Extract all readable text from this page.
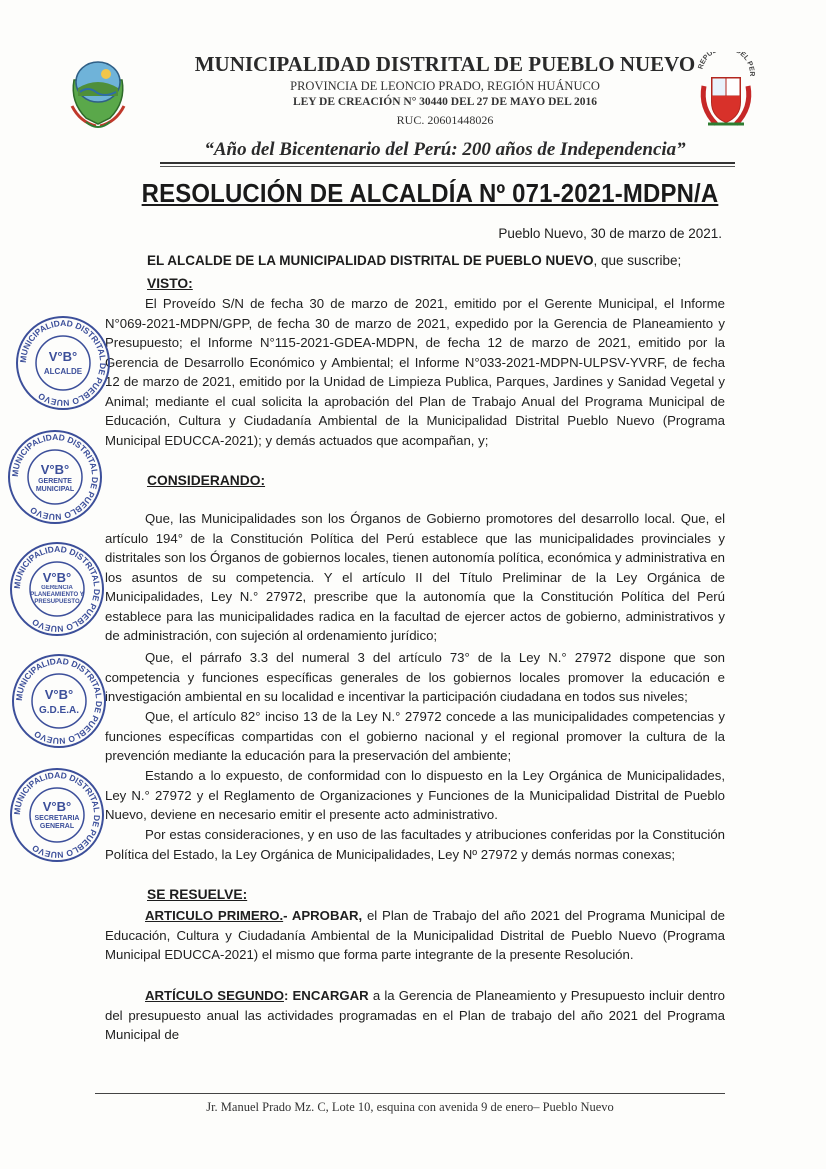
REPU EL PER
MUNICIPALIDAD DISTRITAL DE PUEBLO NUEVO
PROVINCIA DE LEONCIO PRADO, REGIÓN HUÁNUCO
LEY DE CREACIÓN N° 30440 DEL 27 DE MAYO DEL 2016
RUC. 20601448026
“Año del Bicentenario del Perú: 200 años de Independencia”
RESOLUCIÓN DE ALCALDÍA Nº 071-2021-MDPN/A
Pueblo Nuevo, 30 de marzo de 2021.
EL ALCALDE DE LA MUNICIPALIDAD DISTRITAL DE PUEBLO NUEVO, que suscribe;
VISTO:
El Proveído S/N de fecha 30 de marzo de 2021, emitido por el Gerente Municipal, el Informe N°069-2021-MDPN/GPP, de fecha 30 de marzo de 2021, expedido por la Gerencia de Planeamiento y Presupuesto; el Informe N°115-2021-GDEA-MDPN, de fecha 12 de marzo de 2021, emitido por la Gerencia de Desarrollo Económico y Ambiental; el Informe N°033-2021-MDPN-ULPSV-YVRF, de fecha 12 de marzo de 2021, emitido por la Unidad de Limpieza Publica, Parques, Jardines y Sanidad Vegetal y Animal; mediante el cual solicita la aprobación del Plan de Trabajo Anual del Programa Municipal de Educación, Cultura y Ciudadanía Ambiental de la Municipalidad Distrital Pueblo Nuevo (Programa Municipal EDUCCA-2021); y demás actuados que acompañan, y;
CONSIDERANDO:
Que, las Municipalidades son los Órganos de Gobierno promotores del desarrollo local. Que, el artículo 194° de la Constitución Política del Perú establece que las municipalidades provinciales y distritales son los Órganos de gobiernos locales, tienen autonomía política, económica y administrativa en los asuntos de su competencia. Y el artículo II del Título Preliminar de la Ley Orgánica de Municipalidades, Ley N.° 27972, prescribe que la autonomía que la Constitución Política del Perú establece para las municipalidades radica en la facultad de ejercer actos de gobierno, administrativos y de administración, con sujeción al ordenamiento jurídico;
Que, el párrafo 3.3 del numeral 3 del artículo 73° de la Ley N.° 27972 dispone que son competencia y funciones específicas generales de los gobiernos locales promover la educación e investigación ambiental en su localidad e incentivar la participación ciudadana en todos sus niveles;
Que, el artículo 82° inciso 13 de la Ley N.° 27972 concede a las municipalidades competencias y funciones específicas compartidas con el gobierno nacional y el regional promover la cultura de la prevención mediante la educación para la preservación del ambiente;
Estando a lo expuesto, de conformidad con lo dispuesto en la Ley Orgánica de Municipalidades, Ley N.° 27972 y el Reglamento de Organizaciones y Funciones de la Municipalidad Distrital de Pueblo Nuevo, deviene en necesario emitir el presente acto administrativo.
Por estas consideraciones, y en uso de las facultades y atribuciones conferidas por la Constitución Política del Estado, la Ley Orgánica de Municipalidades, Ley Nº 27972 y demás normas conexas;
SE RESUELVE:
ARTICULO PRIMERO.- APROBAR, el Plan de Trabajo del año 2021 del Programa Municipal de Educación, Cultura y Ciudadanía Ambiental de la Municipalidad Distrital de Pueblo Nuevo (Programa Municipal EDUCCA-2021) el mismo que forma parte integrante de la presente Resolución.
ARTÍCULO SEGUNDO: ENCARGAR a la Gerencia de Planeamiento y Presupuesto incluir dentro del presupuesto anual las actividades programadas en el Plan de trabajo del año 2021 del Programa Municipal de
MUNICIPALIDAD DISTRITAL DE PUEBLO NUEVO
V°B°
ALCALDE
MUNICIPALIDAD DISTRITAL DE PUEBLO NUEVO
V°B°
GERENTE MUNICIPAL
MUNICIPALIDAD DISTRITAL DE PUEBLO NUEVO
V°B°
GERENCIA PLANEAMIENTO Y PRESUPUESTO
MUNICIPALIDAD DISTRITAL DE PUEBLO NUEVO
V°B°
G.D.E.A.
MUNICIPALIDAD DISTRITAL DE PUEBLO NUEVO
V°B°
SECRETARIA GENERAL
Jr. Manuel Prado Mz. C, Lote 10, esquina con avenida 9 de enero– Pueblo Nuevo
